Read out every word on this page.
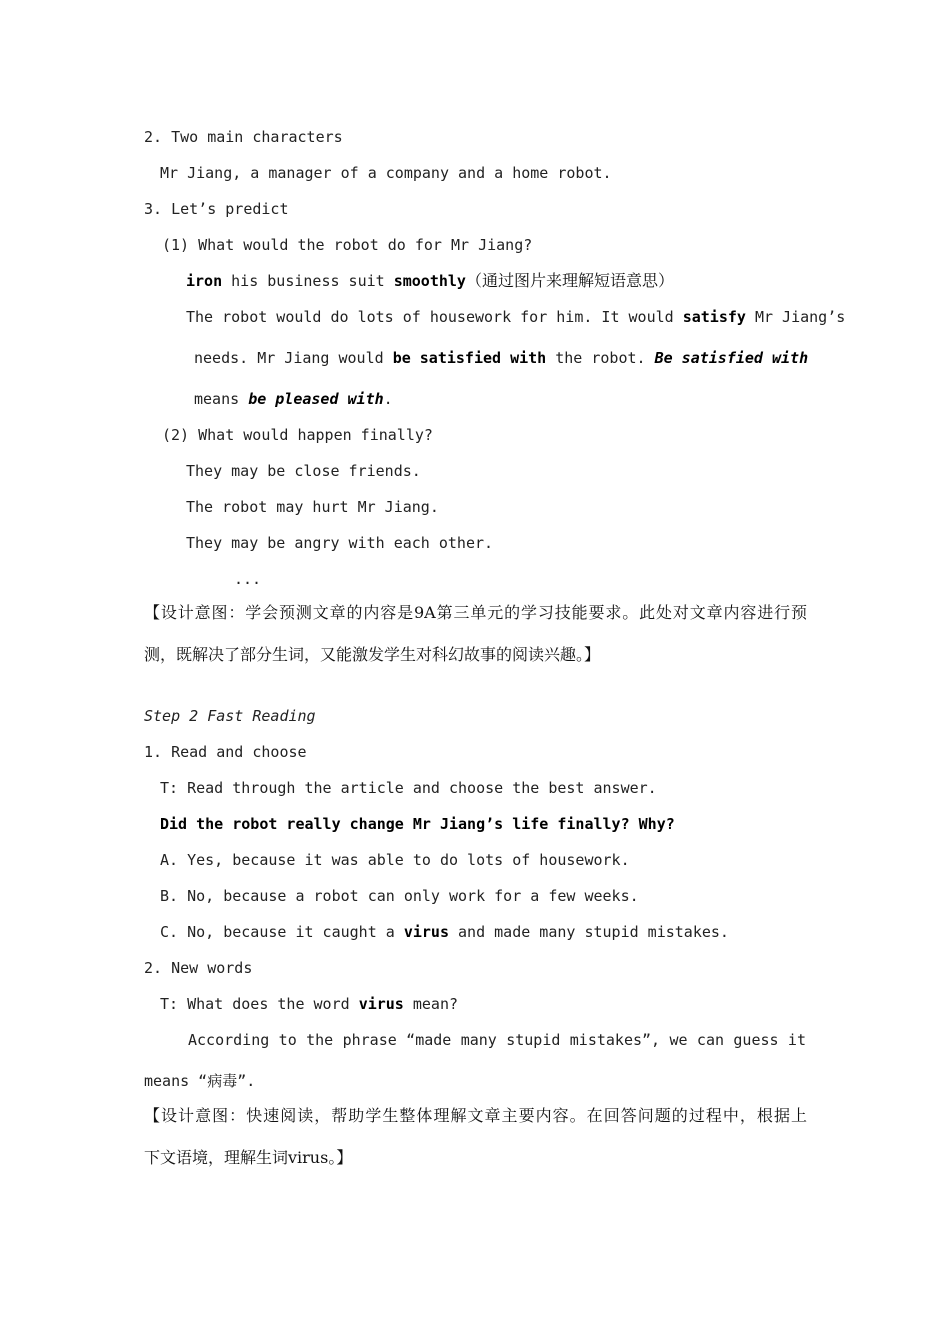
2. Two main characters
Mr Jiang, a manager of a company and a home robot.
3. Let’s predict
(1) What would the robot do for Mr Jiang?
iron his business suit smoothly（通过图片来理解短语意思）
The robot would do lots of housework for him. It would satisfy Mr Jiang’s
needs. Mr Jiang would be satisfied with the robot. Be satisfied with
means be pleased with.
(2) What would happen finally?
They may be close friends.
The robot may hurt Mr Jiang.
They may be angry with each other.
...
【设计意图：学会预测文章的内容是9A第三单元的学习技能要求。此处对文章内容进行预
测，既解决了部分生词，又能激发学生对科幻故事的阅读兴趣。】
Step 2 Fast Reading
1. Read and choose
T: Read through the article and choose the best answer.
Did the robot really change Mr Jiang’s life finally? Why?
A. Yes, because it was able to do lots of housework.
B. No, because a robot can only work for a few weeks.
C. No, because it caught a virus and made many stupid mistakes.
2. New words
T: What does the word virus mean?
According to the phrase “made many stupid mistakes”, we can guess it
means “病毒”.
【设计意图：快速阅读，帮助学生整体理解文章主要内容。在回答问题的过程中，根据上
下文语境，理解生词virus。】
